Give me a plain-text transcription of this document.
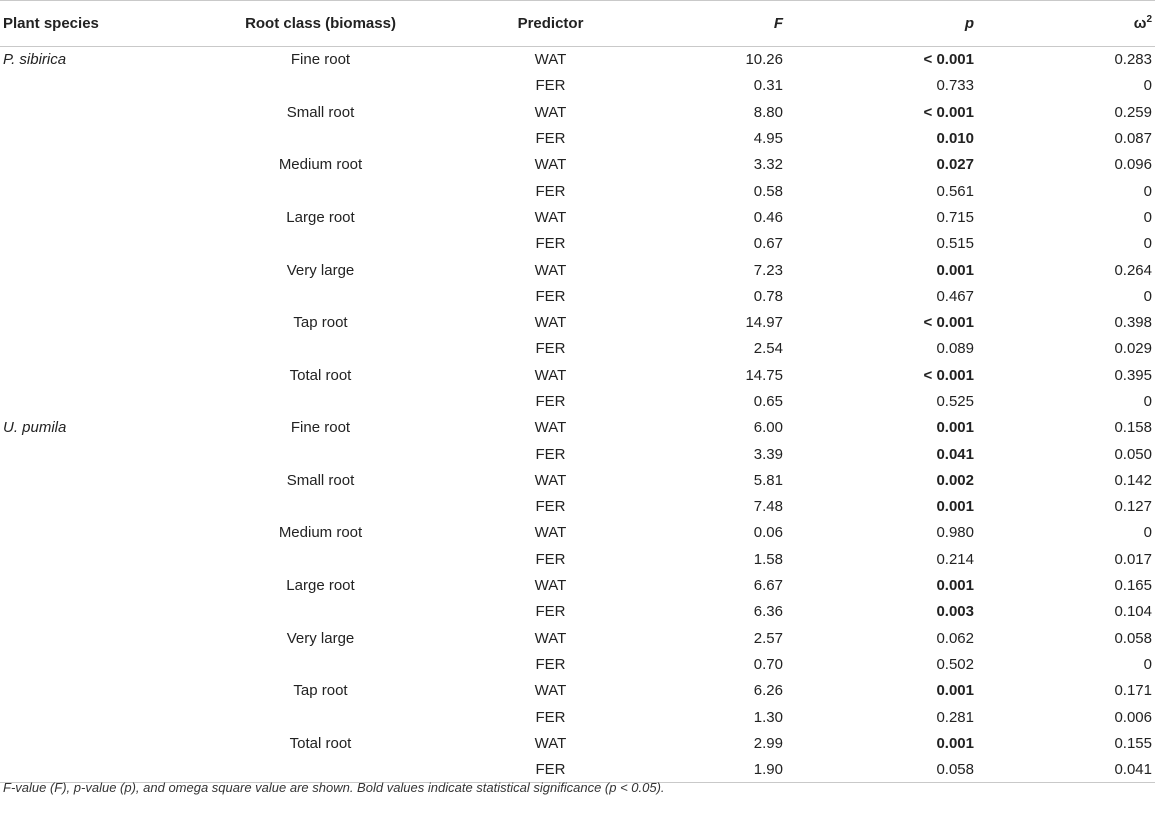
Plant species	Root class (biomass)	Predictor	F	p	$\omega^2$
P. sibirica	Fine root	WAT	10.26	< 0.001	0.283
		FER	0.31	0.733	0
	Small root	WAT	8.80	< 0.001	0.259
		FER	4.95	0.010	0.087
	Medium root	WAT	3.32	0.027	0.096
		FER	0.58	0.561	0
	Large root	WAT	0.46	0.715	0
		FER	0.67	0.515	0
	Very large	WAT	7.23	0.001	0.264
		FER	0.78	0.467	0
	Tap root	WAT	14.97	< 0.001	0.398
		FER	2.54	0.089	0.029
	Total root	WAT	14.75	< 0.001	0.395
		FER	0.65	0.525	0
U. pumila	Fine root	WAT	6.00	0.001	0.158
		FER	3.39	0.041	0.050
	Small root	WAT	5.81	0.002	0.142
		FER	7.48	0.001	0.127
	Medium root	WAT	0.06	0.980	0
		FER	1.58	0.214	0.017
	Large root	WAT	6.67	0.001	0.165
		FER	6.36	0.003	0.104
	Very large	WAT	2.57	0.062	0.058
		FER	0.70	0.502	0
	Tap root	WAT	6.26	0.001	0.171
		FER	1.30	0.281	0.006
	Total root	WAT	2.99	0.001	0.155
		FER	1.90	0.058	0.041
F-value (F), p-value (p), and omega square value are shown. Bold values indicate statistical significance (p < 0.05).
